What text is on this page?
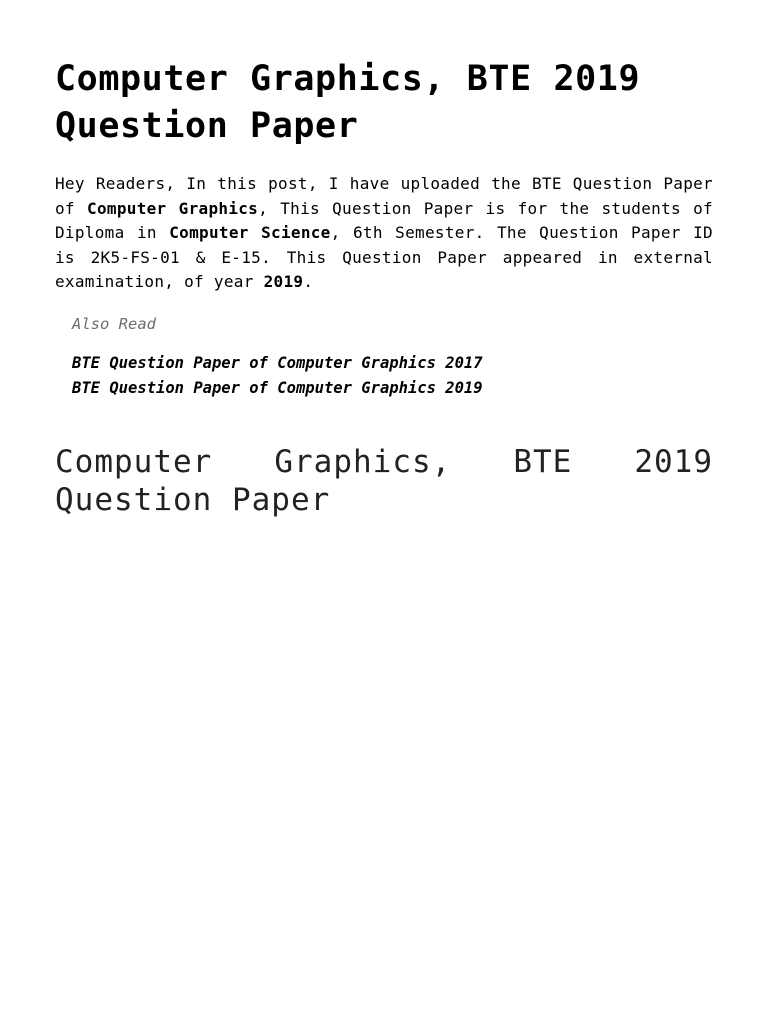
Computer Graphics, BTE 2019 Question Paper

Hey Readers, In this post, I have uploaded the BTE Question Paper of Computer Graphics, This Question Paper is for the students of Diploma in Computer Science, 6th Semester. The Question Paper ID is 2K5-FS-01 & E-15. This Question Paper appeared in external examination, of year 2019.

Also Read
BTE Question Paper of Computer Graphics 2017
BTE Question Paper of Computer Graphics 2019
Computer Graphics, BTE 2019 Question Paper
